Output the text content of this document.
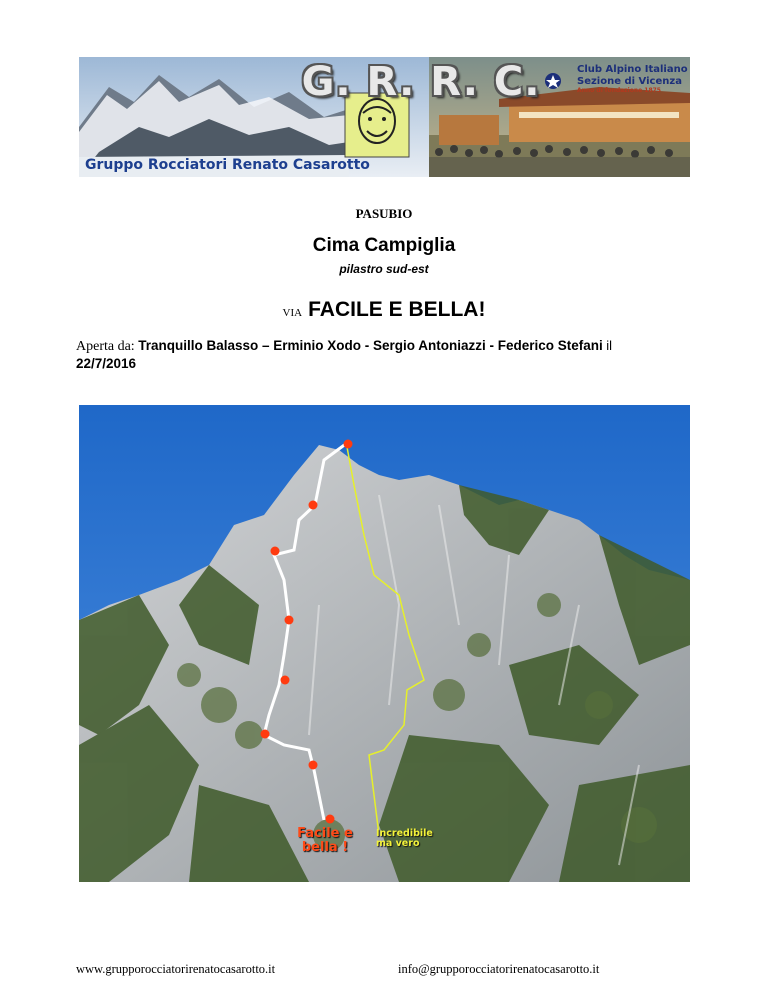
G. R. R. C.
Gruppo Rocciatori Renato Casarotto
Club Alpino Italiano
Sezione di Vicenza
Anno di fondazione 1875
PASUBIO
Cima Campiglia
pilastro sud-est
VIA FACILE E BELLA!
Aperta da: Tranquillo Balasso – Erminio Xodo - Sergio Antoniazzi - Federico Stefani il
22/7/2016
Facile e
bella !
Incredibile
ma vero
www.grupporocciatorirenatocasarotto.it	info@grupporocciatorirenatocasarotto.it
